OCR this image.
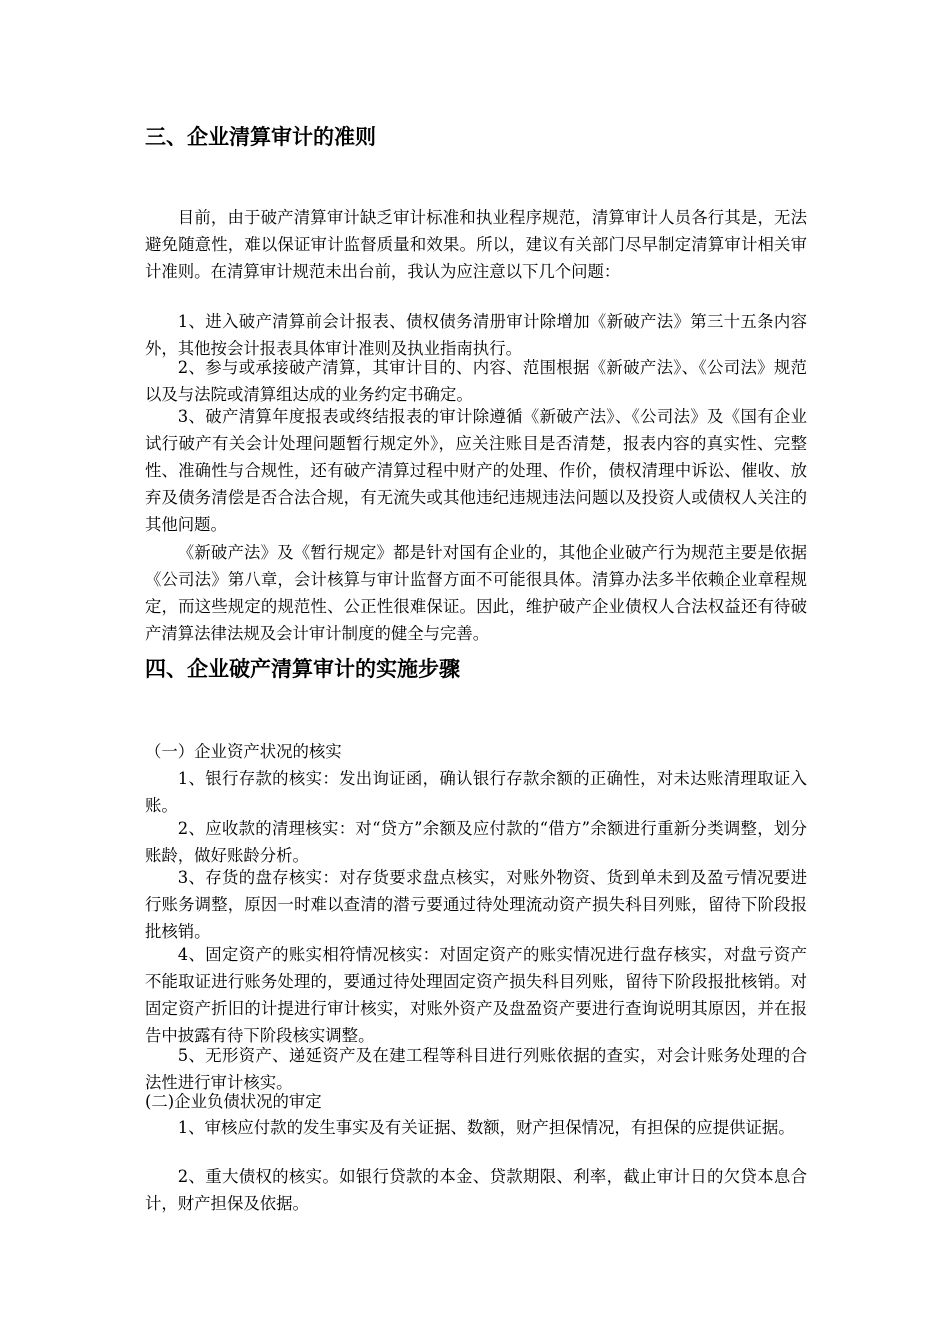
三、企业清算审计的准则

目前，由于破产清算审计缺乏审计标准和执业程序规范，清算审计人员各行其是，无法避免随意性，难以保证审计监督质量和效果。所以，建议有关部门尽早制定清算审计相关审计准则。在清算审计规范未出台前，我认为应注意以下几个问题：

1、进入破产清算前会计报表、债权债务清册审计除增加《新破产法》第三十五条内容外，其他按会计报表具体审计准则及执业指南执行。

2、参与或承接破产清算，其审计目的、内容、范围根据《新破产法》、《公司法》规范以及与法院或清算组达成的业务约定书确定。

3、破产清算年度报表或终结报表的审计除遵循《新破产法》、《公司法》及《国有企业试行破产有关会计处理问题暂行规定外》，应关注账目是否清楚，报表内容的真实性、完整性、准确性与合规性，还有破产清算过程中财产的处理、作价，债权清理中诉讼、催收、放弃及债务清偿是否合法合规，有无流失或其他违纪违规违法问题以及投资人或债权人关注的其他问题。

《新破产法》及《暂行规定》都是针对国有企业的，其他企业破产行为规范主要是依据《公司法》第八章，会计核算与审计监督方面不可能很具体。清算办法多半依赖企业章程规定，而这些规定的规范性、公正性很难保证。因此，维护破产企业债权人合法权益还有待破产清算法律法规及会计审计制度的健全与完善。

四、企业破产清算审计的实施步骤

（一）企业资产状况的核实

1、银行存款的核实：发出询证函，确认银行存款余额的正确性，对未达账清理取证入账。

2、应收款的清理核实：对“贷方”余额及应付款的“借方”余额进行重新分类调整，划分账龄，做好账龄分析。

3、存货的盘存核实：对存货要求盘点核实，对账外物资、货到单未到及盈亏情况要进行账务调整，原因一时难以查清的潜亏要通过待处理流动资产损失科目列账，留待下阶段报批核销。

4、固定资产的账实相符情况核实：对固定资产的账实情况进行盘存核实，对盘亏资产不能取证进行账务处理的，要通过待处理固定资产损失科目列账，留待下阶段报批核销。对固定资产折旧的计提进行审计核实，对账外资产及盘盈资产要进行查询说明其原因，并在报告中披露有待下阶段核实调整。

5、无形资产、递延资产及在建工程等科目进行列账依据的查实，对会计账务处理的合法性进行审计核实。

(二)企业负债状况的审定

1、审核应付款的发生事实及有关证据、数额，财产担保情况，有担保的应提供证据。

2、重大债权的核实。如银行贷款的本金、贷款期限、利率，截止审计日的欠贷本息合计，财产担保及依据。
